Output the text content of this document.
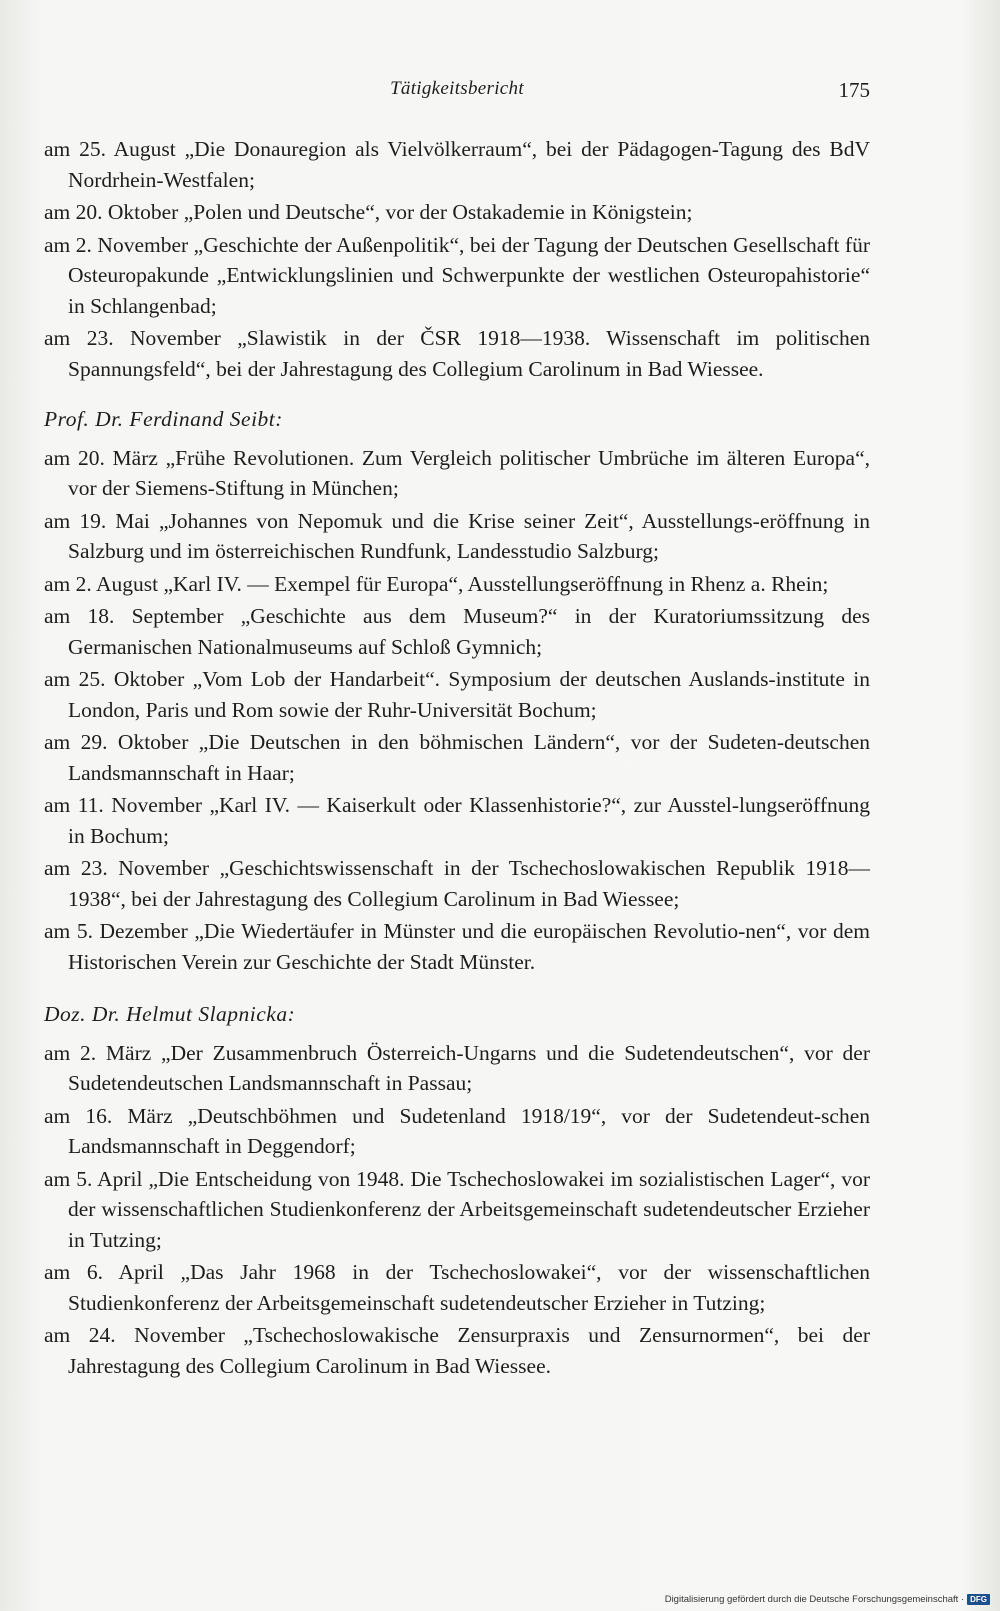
Tätigkeitsbericht	175

am 25. August „Die Donauregion als Vielvölkerraum“, bei der Pädagogen-Tagung des BdV Nordrhein-Westfalen;

am 20. Oktober „Polen und Deutsche“, vor der Ostakademie in Königstein;

am 2. November „Geschichte der Außenpolitik“, bei der Tagung der Deutschen Gesellschaft für Osteuropakunde „Entwicklungslinien und Schwerpunkte der westlichen Osteuropahistorie“ in Schlangenbad;

am 23. November „Slawistik in der ČSR 1918—1938. Wissenschaft im politischen Spannungsfeld“, bei der Jahrestagung des Collegium Carolinum in Bad Wiessee.

Prof. Dr. Ferdinand Seibt:

am 20. März „Frühe Revolutionen. Zum Vergleich politischer Umbrüche im älteren Europa“, vor der Siemens-Stiftung in München;

am 19. Mai „Johannes von Nepomuk und die Krise seiner Zeit“, Ausstellungs-eröffnung in Salzburg und im österreichischen Rundfunk, Landesstudio Salzburg;

am 2. August „Karl IV. — Exempel für Europa“, Ausstellungseröffnung in Rhenz a. Rhein;

am 18. September „Geschichte aus dem Museum?“ in der Kuratoriumssitzung des Germanischen Nationalmuseums auf Schloß Gymnich;

am 25. Oktober „Vom Lob der Handarbeit“. Symposium der deutschen Auslands-institute in London, Paris und Rom sowie der Ruhr-Universität Bochum;

am 29. Oktober „Die Deutschen in den böhmischen Ländern“, vor der Sudeten-deutschen Landsmannschaft in Haar;

am 11. November „Karl IV. — Kaiserkult oder Klassenhistorie?“, zur Ausstel-lungseröffnung in Bochum;

am 23. November „Geschichtswissenschaft in der Tschechoslowakischen Republik 1918—1938“, bei der Jahrestagung des Collegium Carolinum in Bad Wiessee;

am 5. Dezember „Die Wiedertäufer in Münster und die europäischen Revolutio-nen“, vor dem Historischen Verein zur Geschichte der Stadt Münster.

Doz. Dr. Helmut Slapnicka:

am 2. März „Der Zusammenbruch Österreich-Ungarns und die Sudetendeutschen“, vor der Sudetendeutschen Landsmannschaft in Passau;

am 16. März „Deutschböhmen und Sudetenland 1918/19“, vor der Sudetendeut-schen Landsmannschaft in Deggendorf;

am 5. April „Die Entscheidung von 1948. Die Tschechoslowakei im sozialistischen Lager“, vor der wissenschaftlichen Studienkonferenz der Arbeitsgemeinschaft sudetendeutscher Erzieher in Tutzing;

am 6. April „Das Jahr 1968 in der Tschechoslowakei“, vor der wissenschaftlichen Studienkonferenz der Arbeitsgemeinschaft sudetendeutscher Erzieher in Tutzing;

am 24. November „Tschechoslowakische Zensurpraxis und Zensurnormen“, bei der Jahrestagung des Collegium Carolinum in Bad Wiessee.

Digitalisierung gefördert durch die Deutsche Forschungsgemeinschaft · DFG
